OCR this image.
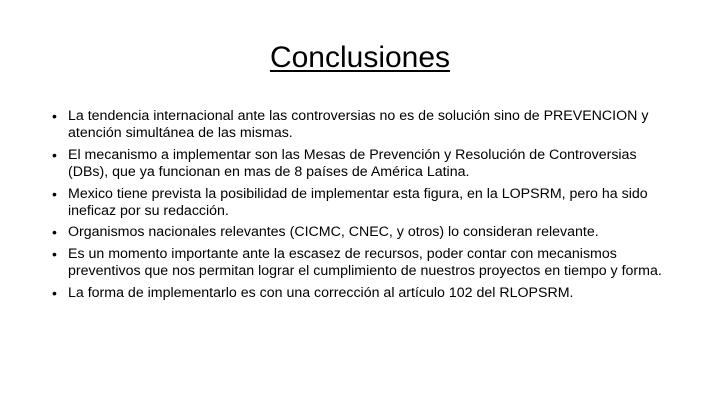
Conclusiones
• La tendencia internacional ante las controversias no es de solución sino de PREVENCION y atención simultánea de las mismas.
• El mecanismo a implementar son las Mesas de Prevención y Resolución de Controversias (DBs), que ya funcionan en mas de 8 países de América Latina.
• Mexico tiene prevista la posibilidad de implementar esta figura, en la LOPSRM, pero ha sido ineficaz por su redacción.
• Organismos nacionales relevantes (CICMC, CNEC, y otros) lo consideran relevante.
• Es un momento importante ante la escasez de recursos, poder contar con mecanismos preventivos que nos permitan lograr el cumplimiento de nuestros proyectos en tiempo y forma.
• La forma de implementarlo es con una corrección al artículo 102 del RLOPSRM.
